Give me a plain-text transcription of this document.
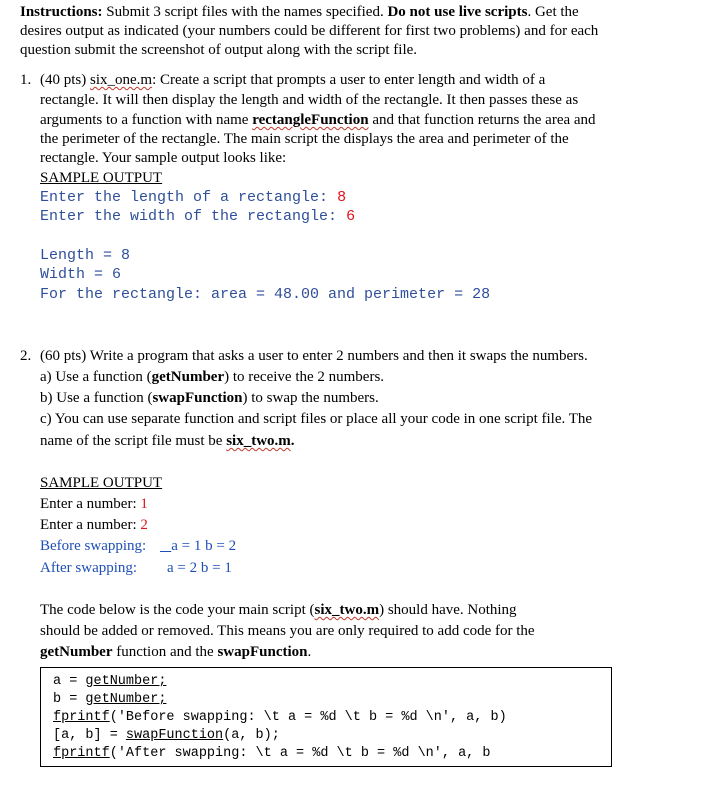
Instructions: Submit 3 script files with the names specified. Do not use live scripts. Get the
desires output as indicated (your numbers could be different for first two problems) and for each
question submit the screenshot of output along with the script file.
1. (40 pts) six_one.m: Create a script that prompts a user to enter length and width of a
rectangle. It will then display the length and width of the rectangle. It then passes these as
arguments to a function with name rectangleFunction and that function returns the area and
the perimeter of the rectangle. The main script the displays the area and perimeter of the
rectangle. Your sample output looks like:
SAMPLE OUTPUT
Enter the length of a rectangle: 8
Enter the width of the rectangle: 6
Length = 8
Width = 6
For the rectangle: area = 48.00 and perimeter = 28
2. (60 pts) Write a program that asks a user to enter 2 numbers and then it swaps the numbers.
a) Use a function (getNumber) to receive the 2 numbers.
b) Use a function (swapFunction) to swap the numbers.
c) You can use separate function and script files or place all your code in one script file. The
name of the script file must be six_two.m.
SAMPLE OUTPUT
Enter a number: 1
Enter a number: 2
Before swapping:	a = 1 b = 2
After swapping: a = 2 b = 1
The code below is the code your main script (six_two.m) should have. Nothing
should be added or removed. This means you are only required to add code for the
getNumber function and the swapFunction.
a = getNumber;
b = getNumber;
fprintf('Before swapping: \t a = %d \t b = %d \n', a, b)
[a, b] = swapFunction(a, b);
fprintf('After swapping: \t a = %d \t b = %d \n', a, b
